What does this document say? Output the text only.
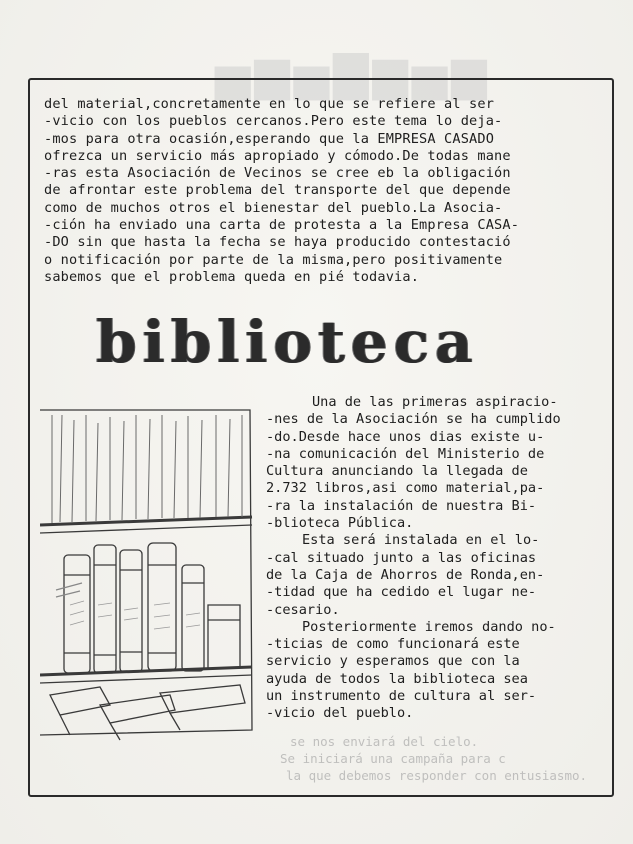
▅▆▅▇▆▅▆
del material,concretamente en lo que se refiere al ser
-vicio con los pueblos cercanos.Pero este tema lo deja-
-mos para otra ocasión,esperando que la EMPRESA CASADO
ofrezca un servicio más apropiado y cómodo.De todas mane
-ras esta Asociación de Vecinos se cree eb la obligación
de afrontar este problema del transporte del que depende
como de muchos otros el bienestar del pueblo.La Asocia-
-ción ha enviado una carta de protesta a la Empresa CASA-
-DO sin que hasta la fecha se haya producido contestació
o notificación por parte de la misma,pero positivamente
sabemos que el problema queda en pié todavia.
biblioteca
Una de las primeras aspiracio-
-nes de la Asociación se ha cumplido
-do.Desde hace unos dias existe u-
-na comunicación del Ministerio de
Cultura anunciando la llegada de
2.732 libros,asi como material,pa-
-ra la instalación de nuestra Bi-
-blioteca Pública.
Esta será instalada en el lo-
-cal situado junto a las oficinas
de la Caja de Ahorros de Ronda,en-
-tidad que ha cedido el lugar ne-
-cesario.
Posteriormente iremos dando no-
-ticias de como funcionará este
servicio y esperamos que con la
ayuda de todos la biblioteca sea
un instrumento de cultura al ser-
-vicio del pueblo.
se nos enviará del cielo.
Se iniciará una campaña para c
la que debemos responder con entusiasmo.
